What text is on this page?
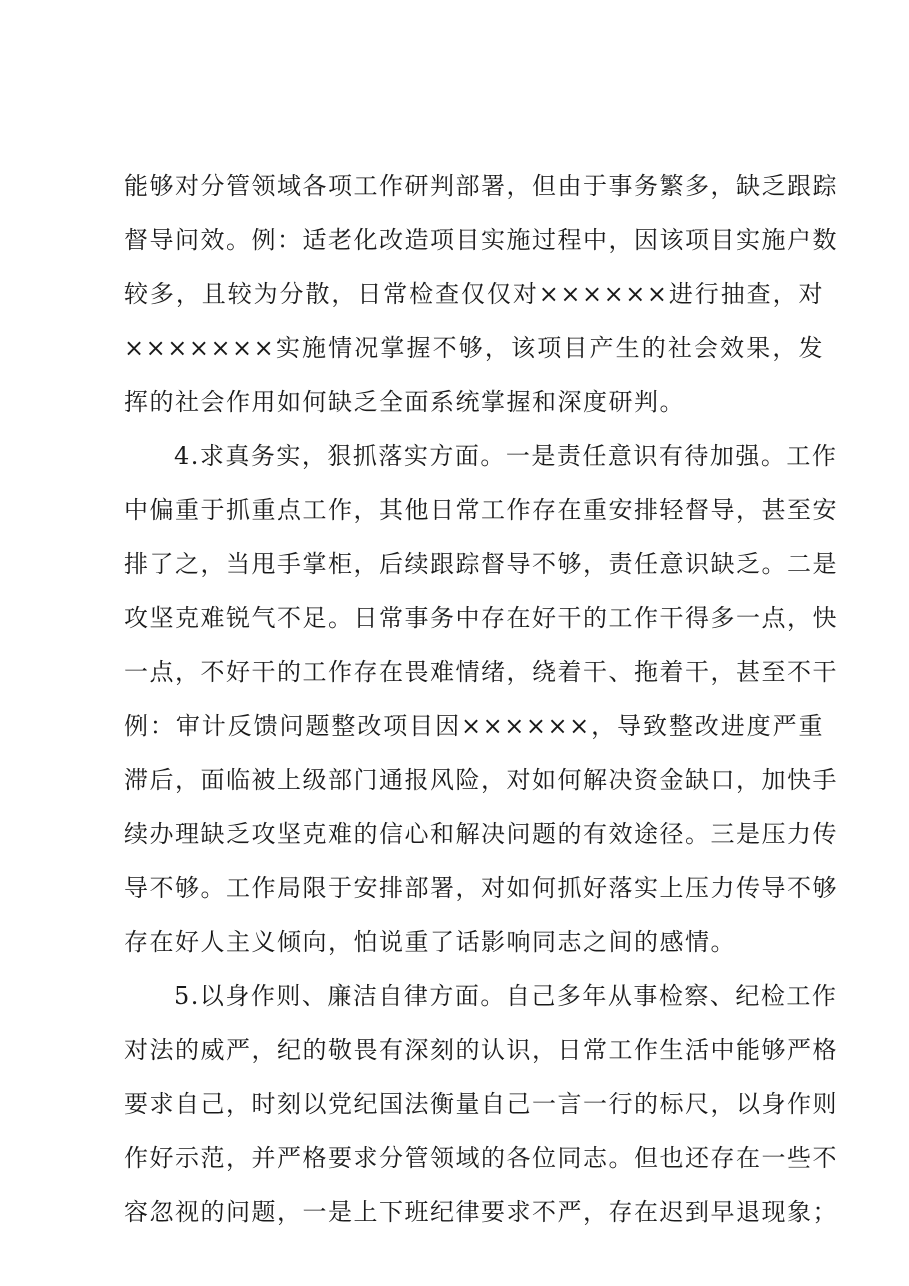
能够对分管领域各项工作研判部署，但由于事务繁多，缺乏跟踪
督导问效。例：适老化改造项目实施过程中，因该项目实施户数
较多，且较为分散，日常检查仅仅对××××××进行抽查，对
×××××××实施情况掌握不够，该项目产生的社会效果，发
挥的社会作用如何缺乏全面系统掌握和深度研判。
4.求真务实，狠抓落实方面。一是责任意识有待加强。工作
中偏重于抓重点工作，其他日常工作存在重安排轻督导，甚至安
排了之，当甩手掌柜，后续跟踪督导不够，责任意识缺乏。二是
攻坚克难锐气不足。日常事务中存在好干的工作干得多一点，快
一点，不好干的工作存在畏难情绪，绕着干、拖着干，甚至不干
例：审计反馈问题整改项目因××××××，导致整改进度严重
滞后，面临被上级部门通报风险，对如何解决资金缺口，加快手
续办理缺乏攻坚克难的信心和解决问题的有效途径。三是压力传
导不够。工作局限于安排部署，对如何抓好落实上压力传导不够
存在好人主义倾向，怕说重了话影响同志之间的感情。
5.以身作则、廉洁自律方面。自己多年从事检察、纪检工作
对法的威严，纪的敬畏有深刻的认识，日常工作生活中能够严格
要求自己，时刻以党纪国法衡量自己一言一行的标尺，以身作则
作好示范，并严格要求分管领域的各位同志。但也还存在一些不
容忽视的问题，一是上下班纪律要求不严，存在迟到早退现象；
